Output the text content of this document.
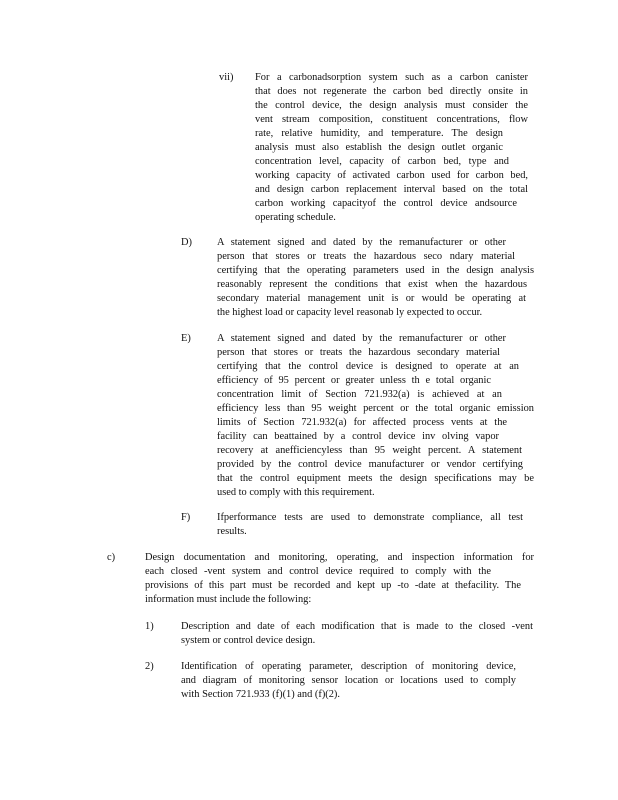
vii) For a carbonadsorption system such as a carbon canister
that does not regenerate the carbon bed directly onsite in
the control device, the design analysis must consider the
vent stream composition, constituent concentrations, flow
rate, relative humidity, and temperature. The design
analysis must also establish the design outlet organic
concentration level, capacity of carbon bed, type and
working capacity of activated carbon used for carbon bed,
and design carbon replacement interval based on the total
carbon working capacityof the control device andsource
operating schedule.
D) A statement signed and dated by the remanufacturer or other
person that stores or treats the hazardous seco ndary material
certifying that the operating parameters used in the design analysis
reasonably represent the conditions that exist when the hazardous
secondary material management unit is or would be operating at
the highest load or capacity level reasonab ly expected to occur.
E)	A statement signed and dated by the remanufacturer or other
person that stores or treats the hazardous secondary material
certifying that the control device is designed to operate at an
efficiency of 95 percent or greater unless th e total organic
concentration limit of Section 721.932(a) is achieved at an
efficiency less than 95 weight percent or the total organic emission
limits of Section 721.932(a) for affected process vents at the
facility can beattained by a control device inv olving vapor
recovery at anefficiencyless than 95 weight percent. A statement
provided by the control device manufacturer or vendor certifying
that the control equipment meets the design specifications may be
used to comply with this requirement.
F)	Ifperformance tests are used to demonstrate compliance, all test
results.
c)	Design documentation and monitoring, operating, and inspection information for
each closed -vent system and control device required to comply with the
provisions of this part must be recorded and kept up -to -date at thefacility. The
information must include the following:
1)	Description and date of each modification that is made to the closed -vent
system or control device design.
2)	Identification of operating parameter, description of monitoring device,
and diagram of monitoring sensor location or locations used to comply
with Section 721.933 (f)(1) and (f)(2).
